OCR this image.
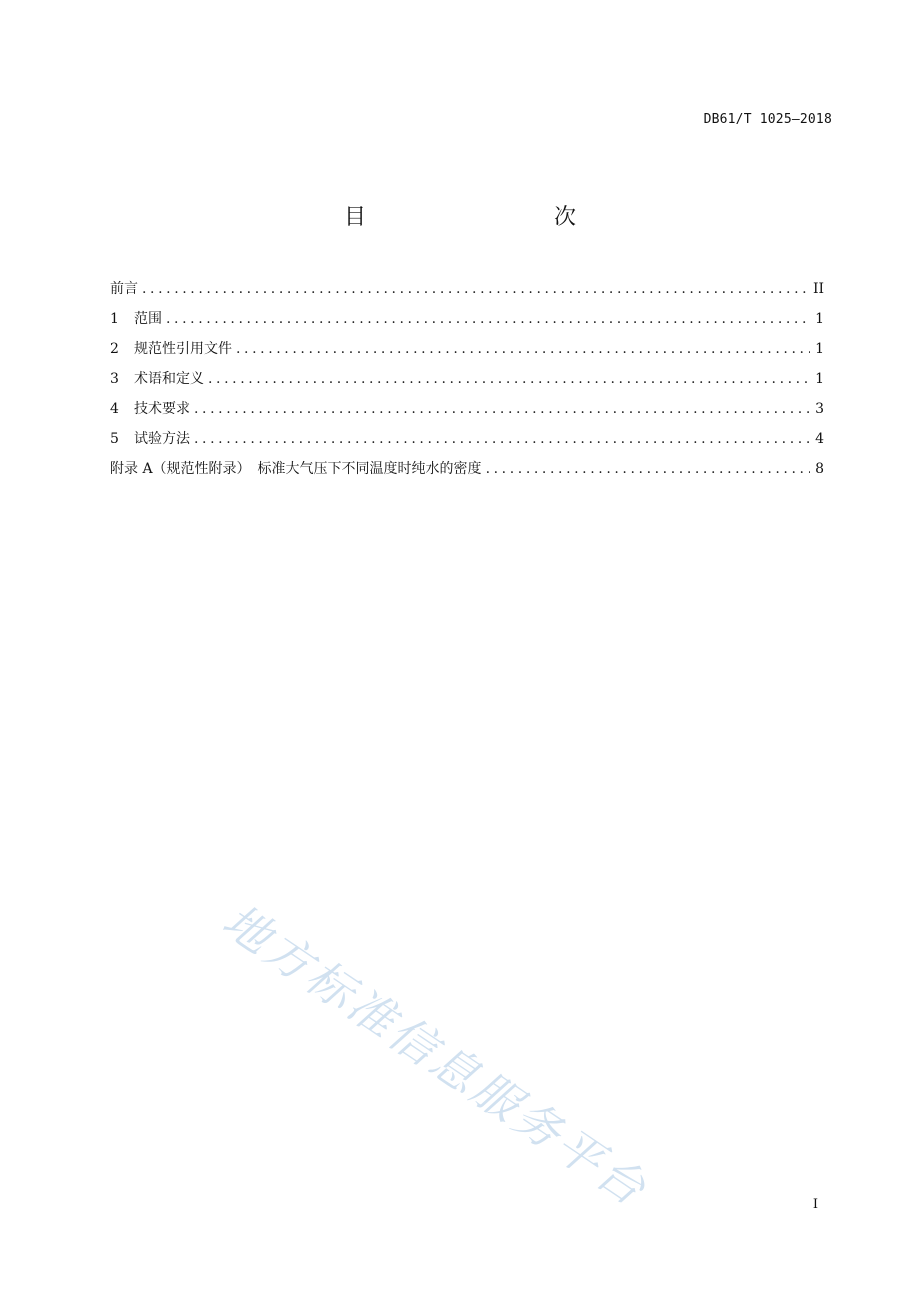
DB61/T 1025—2018
目　　次
前言 .....	II
1	范围 .....	1
2	规范性引用文件 .....	1
3	术语和定义 .....	1
4	技术要求 .....	3
5	试验方法 .....	4
附录 A（规范性附录）　标准大气压下不同温度时纯水的密度 .....	8
地方标准信息服务平台	I
